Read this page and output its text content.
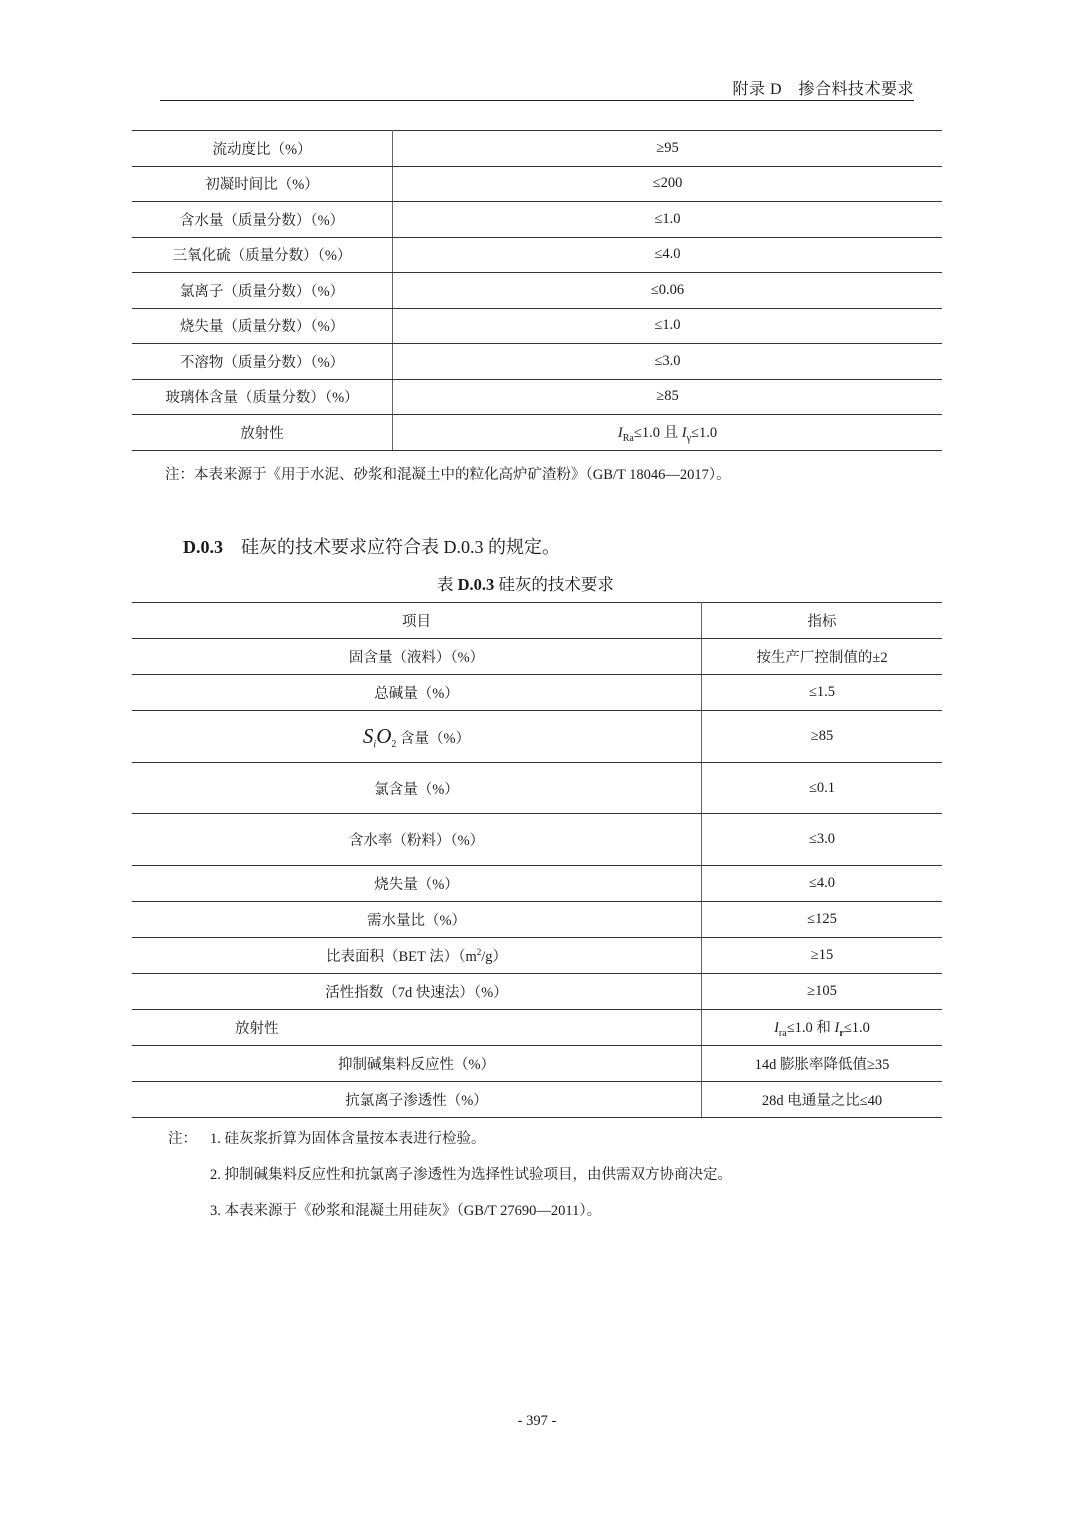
附录 D　掺合料技术要求
流动度比（%）	≥95
初凝时间比（%）	≤200
含水量（质量分数）（%）	≤1.0
三氧化硫（质量分数）（%）	≤4.0
氯离子（质量分数）（%）	≤0.06
烧失量（质量分数）（%）	≤1.0
不溶物（质量分数）（%）	≤3.0
玻璃体含量（质量分数）（%）	≥85
放射性	$I_{Ra}\le 1.0$ 且 $I_\gamma\le 1.0$
注：本表来源于《用于水泥、砂浆和混凝土中的粒化高炉矿渣粉》（GB/T 18046—2017）。
D.0.3 硅灰的技术要求应符合表 D.0.3 的规定。
表 D.0.3 硅灰的技术要求
项目	指标
固含量（液料）（%）	按生产厂控制值的±2
总碱量（%）	≤1.5
$S_iO_2$ 含量（%）	≥85
氯含量（%）	≤0.1
含水率（粉料）（%）	≤3.0
烧失量（%）	≤4.0
需水量比（%）	≤125
比表面积（BET 法）$(m^2/g)$	≥15
活性指数（7d 快速法）（%）	≥105
放射性	$I_{ra}\le 1.0$ 和 $I_r\le 1.0$
抑制碱集料反应性（%）	14d 膨胀率降低值≥35
抗氯离子渗透性（%）	28d 电通量之比≤40
注： 1. 硅灰浆折算为固体含量按本表进行检验。
2. 抑制碱集料反应性和抗氯离子渗透性为选择性试验项目，由供需双方协商决定。
3. 本表来源于《砂浆和混凝土用硅灰》（GB/T 27690—2011）。
- 397 -
